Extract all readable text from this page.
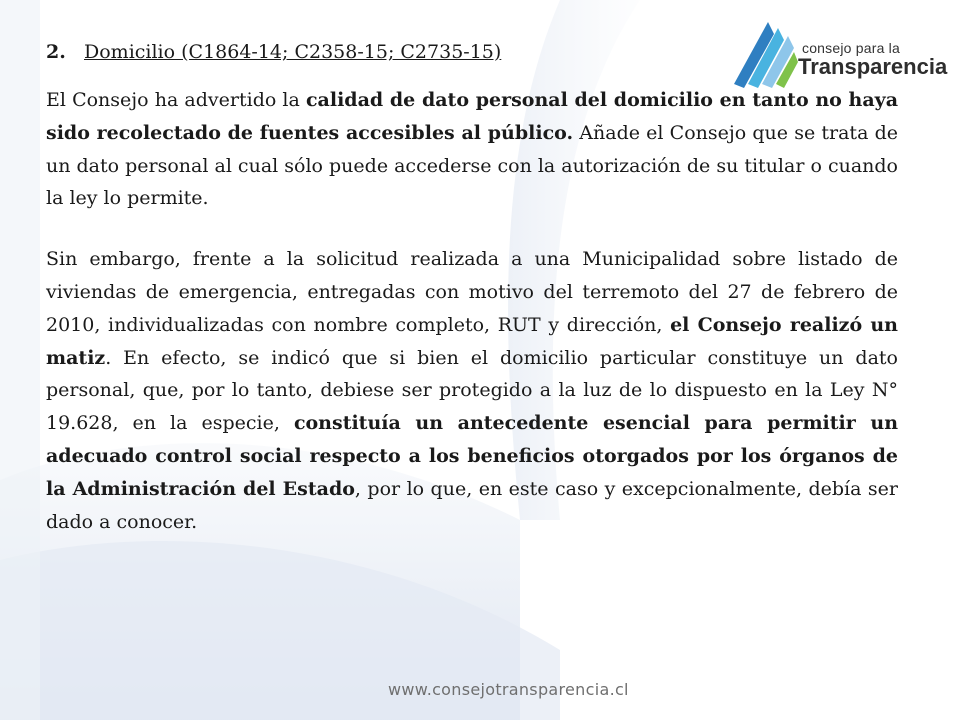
consejo para la
Transparencia
2. Domicilio (C1864-14; C2358-15; C2735-15)

El Consejo ha advertido la calidad de dato personal del domicilio en tanto no haya sido recolectado de fuentes accesibles al público. Añade el Consejo que se trata de un dato personal al cual sólo puede accederse con la autorización de su titular o cuando la ley lo permite.

Sin embargo, frente a la solicitud realizada a una Municipalidad sobre listado de viviendas de emergencia, entregadas con motivo del terremoto del 27 de febrero de 2010, individualizadas con nombre completo, RUT y dirección, el Consejo realizó un matiz. En efecto, se indicó que si bien el domicilio particular constituye un dato personal, que, por lo tanto, debiese ser protegido a la luz de lo dispuesto en la Ley N° 19.628, en la especie, constituía un antecedente esencial para permitir un adecuado control social respecto a los beneficios otorgados por los órganos de la Administración del Estado, por lo que, en este caso y excepcionalmente, debía ser dado a conocer.

www.consejotransparencia.cl
